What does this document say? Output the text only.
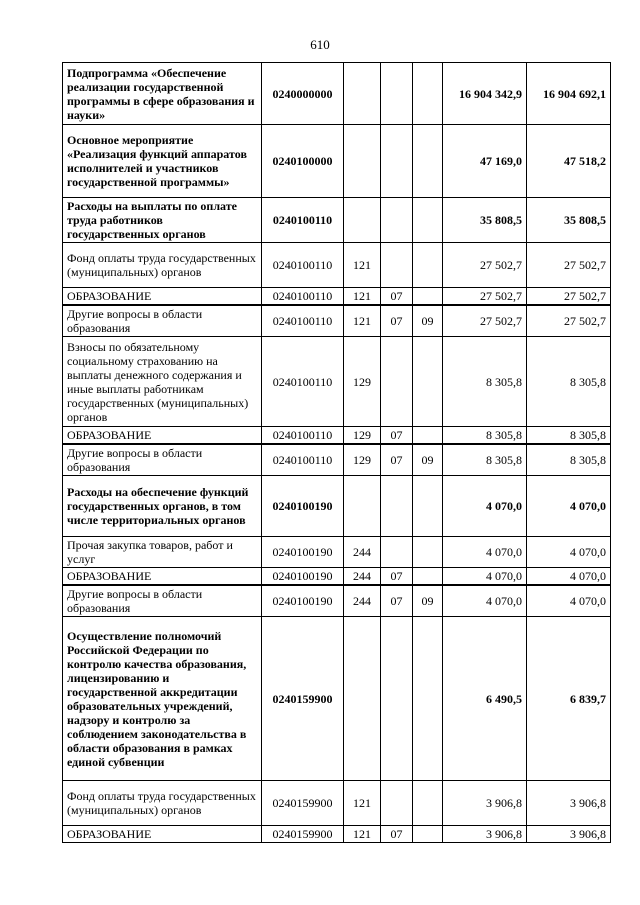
610
Подпрограмма «Обеспечение реализации государственной программы в сфере образования и науки»	0240000000				16 904 342,9	16 904 692,1
Основное мероприятие «Реализация функций аппаратов исполнителей и участников государственной программы»	0240100000				47 169,0	47 518,2
Расходы на выплаты по оплате труда работников государственных органов	0240100110				35 808,5	35 808,5
Фонд оплаты труда государственных (муниципальных) органов	0240100110	121			27 502,7	27 502,7
ОБРАЗОВАНИЕ	0240100110	121	07		27 502,7	27 502,7
Другие вопросы в области образования	0240100110	121	07	09	27 502,7	27 502,7
Взносы по обязательному социальному страхованию на выплаты денежного содержания и иные выплаты работникам государственных (муниципальных) органов	0240100110	129			8 305,8	8 305,8
ОБРАЗОВАНИЕ	0240100110	129	07		8 305,8	8 305,8
Другие вопросы в области образования	0240100110	129	07	09	8 305,8	8 305,8
Расходы на обеспечение функций государственных органов, в том числе территориальных органов	0240100190				4 070,0	4 070,0
Прочая закупка товаров, работ и услуг	0240100190	244			4 070,0	4 070,0
ОБРАЗОВАНИЕ	0240100190	244	07		4 070,0	4 070,0
Другие вопросы в области образования	0240100190	244	07	09	4 070,0	4 070,0
Осуществление полномочий Российской Федерации по контролю качества образования, лицензированию и государственной аккредитации образовательных учреждений, надзору и контролю за соблюдением законодательства в области образования в рамках единой субвенции	0240159900				6 490,5	6 839,7
Фонд оплаты труда государственных (муниципальных) органов	0240159900	121			3 906,8	3 906,8
ОБРАЗОВАНИЕ	0240159900	121	07		3 906,8	3 906,8
